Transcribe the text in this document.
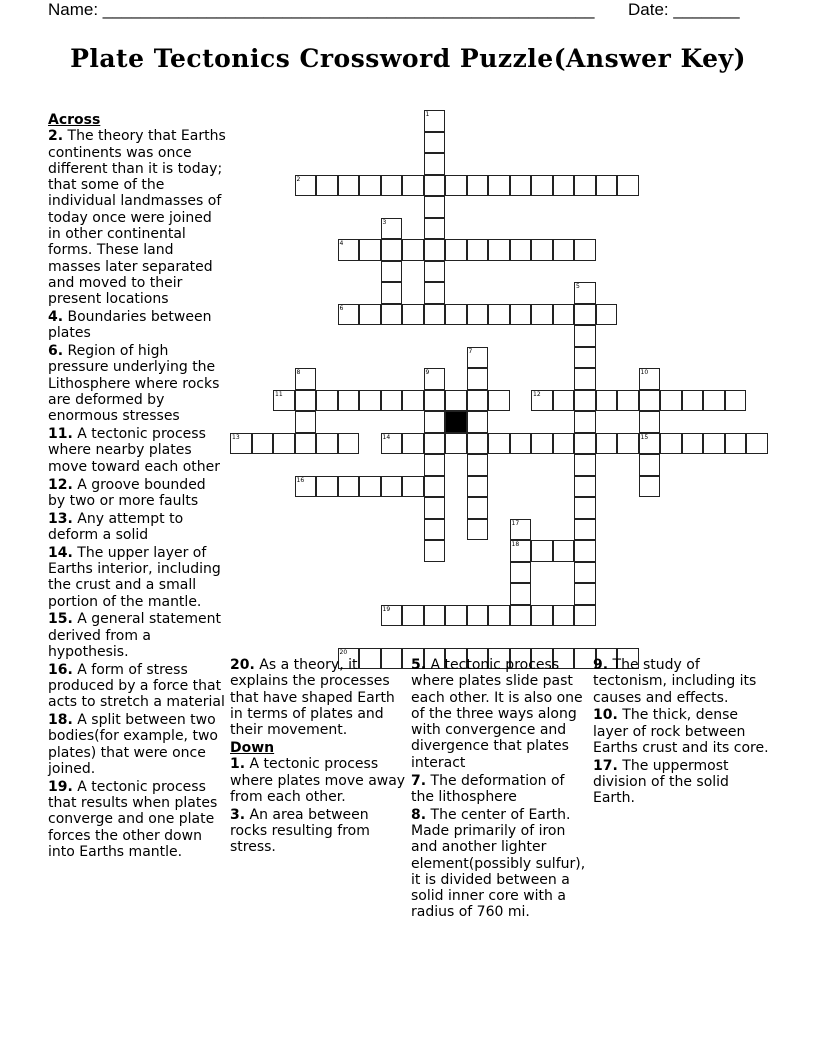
Name: ____________________________________________________ Date: _______
Plate Tectonics Crossword Puzzle(Answer Key)
1
2
3
4
5
6
7
8	9	10
15
11	12
13	14
16
17
18
19
20
Across
2. The theory that Earths continents was once different than it is today; that some of the individual landmasses of today once were joined in other continental forms. These land masses later separated and moved to their present locations
4. Boundaries between plates
6. Region of high pressure underlying the Lithosphere where rocks are deformed by enormous stresses
11. A tectonic process where nearby plates move toward each other
12. A groove bounded by two or more faults
13. Any attempt to deform a solid
14. The upper layer of Earths interior, including the crust and a small portion of the mantle.
15. A general statement derived from a hypothesis.
16. A form of stress produced by a force that acts to stretch a material
18. A split between two bodies(for example, two plates) that were once joined.
19. A tectonic process that results when plates converge and one plate forces the other down into Earths mantle.
20. As a theory, it explains the processes that have shaped Earth in terms of plates and their movement.
Down
1. A tectonic process where plates move away from each other.
3. An area between rocks resulting from stress.
5. A tectonic process where plates slide past each other. It is also one of the three ways along with convergence and divergence that plates interact
7. The deformation of the lithosphere
8. The center of Earth. Made primarily of iron and another lighter element(possibly sulfur), it is divided between a solid inner core with a radius of 760 mi.
9. The study of tectonism, including its causes and effects.
10. The thick, dense layer of rock between Earths crust and its core.
17. The uppermost division of the solid Earth.
